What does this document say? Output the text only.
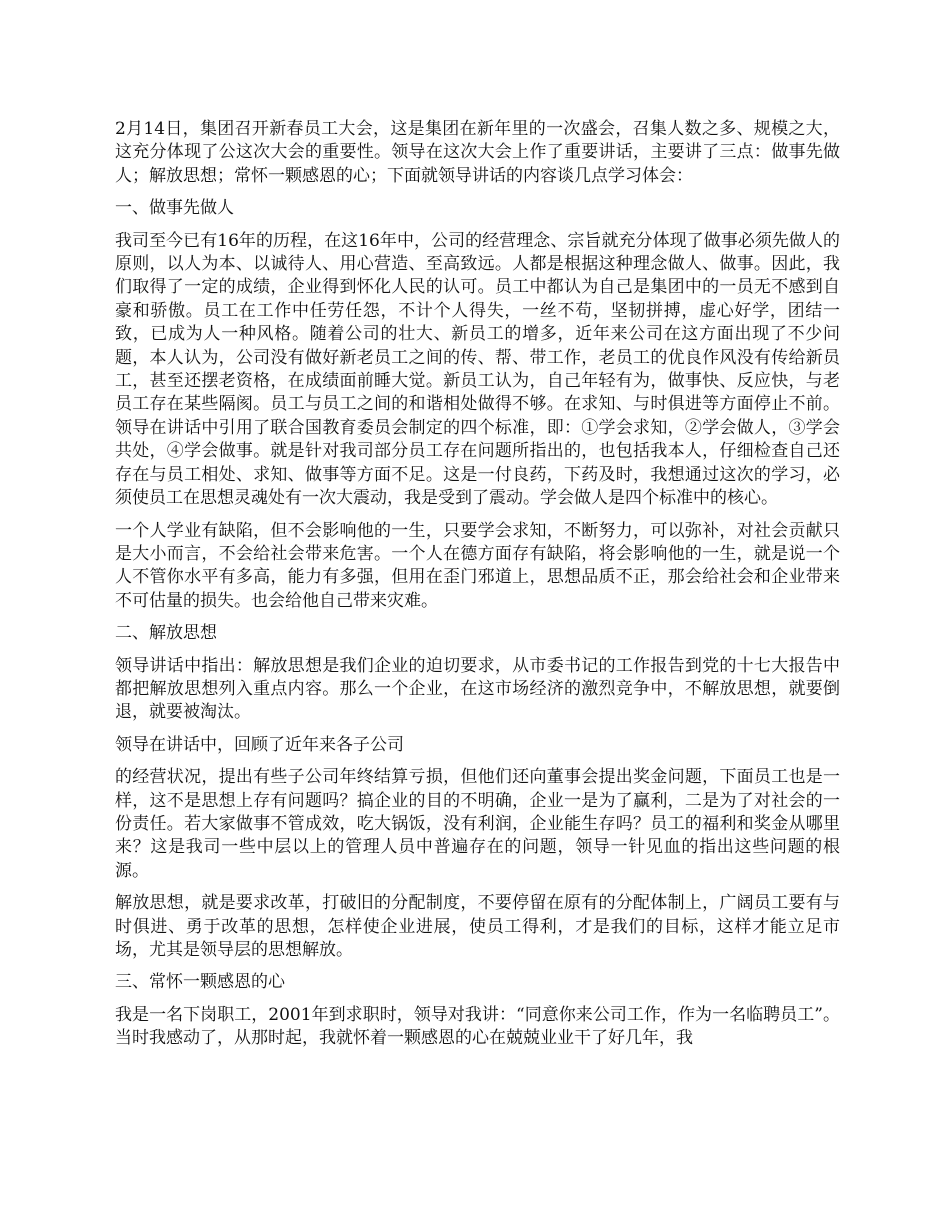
2月14日，集团召开新春员工大会，这是集团在新年里的一次盛会，召集人数之多、规模之大，这充分体现了公这次大会的重要性。领导在这次大会上作了重要讲话，主要讲了三点：做事先做人；解放思想；常怀一颗感恩的心；下面就领导讲话的内容谈几点学习体会：

一、做事先做人

我司至今已有16年的历程，在这16年中，公司的经营理念、宗旨就充分体现了做事必须先做人的原则，以人为本、以诚待人、用心营造、至高致远。人都是根据这种理念做人、做事。因此，我们取得了一定的成绩，企业得到怀化人民的认可。员工中都认为自己是集团中的一员无不感到自豪和骄傲。员工在工作中任劳任怨，不计个人得失，一丝不苟，坚韧拼搏，虚心好学，团结一致，已成为人一种风格。随着公司的壮大、新员工的增多，近年来公司在这方面出现了不少问题，本人认为，公司没有做好新老员工之间的传、帮、带工作，老员工的优良作风没有传给新员工，甚至还摆老资格，在成绩面前睡大觉。新员工认为，自己年轻有为，做事快、反应快，与老员工存在某些隔阂。员工与员工之间的和谐相处做得不够。在求知、与时俱进等方面停止不前。领导在讲话中引用了联合国教育委员会制定的四个标准，即：①学会求知，②学会做人，③学会共处，④学会做事。就是针对我司部分员工存在问题所指出的，也包括我本人，仔细检查自己还存在与员工相处、求知、做事等方面不足。这是一付良药，下药及时，我想通过这次的学习，必须使员工在思想灵魂处有一次大震动，我是受到了震动。学会做人是四个标准中的核心。

一个人学业有缺陷，但不会影响他的一生，只要学会求知，不断努力，可以弥补，对社会贡献只是大小而言，不会给社会带来危害。一个人在德方面存有缺陷，将会影响他的一生，就是说一个人不管你水平有多高，能力有多强，但用在歪门邪道上，思想品质不正，那会给社会和企业带来不可估量的损失。也会给他自己带来灾难。

二、解放思想

领导讲话中指出：解放思想是我们企业的迫切要求，从市委书记的工作报告到党的十七大报告中都把解放思想列入重点内容。那么一个企业，在这市场经济的激烈竞争中，不解放思想，就要倒退，就要被淘汰。

领导在讲话中，回顾了近年来各子公司

的经营状况，提出有些子公司年终结算亏损，但他们还向董事会提出奖金问题，下面员工也是一样，这不是思想上存有问题吗？搞企业的目的不明确，企业一是为了赢利，二是为了对社会的一份责任。若大家做事不管成效，吃大锅饭，没有利润，企业能生存吗？员工的福利和奖金从哪里来？这是我司一些中层以上的管理人员中普遍存在的问题，领导一针见血的指出这些问题的根源。

解放思想，就是要求改革，打破旧的分配制度，不要停留在原有的分配体制上，广阔员工要有与时俱进、勇于改革的思想，怎样使企业进展，使员工得利，才是我们的目标，这样才能立足市场，尤其是领导层的思想解放。

三、常怀一颗感恩的心

我是一名下岗职工，2001年到求职时，领导对我讲：“同意你来公司工作，作为一名临聘员工”。当时我感动了，从那时起，我就怀着一颗感恩的心在兢兢业业干了好几年，我
